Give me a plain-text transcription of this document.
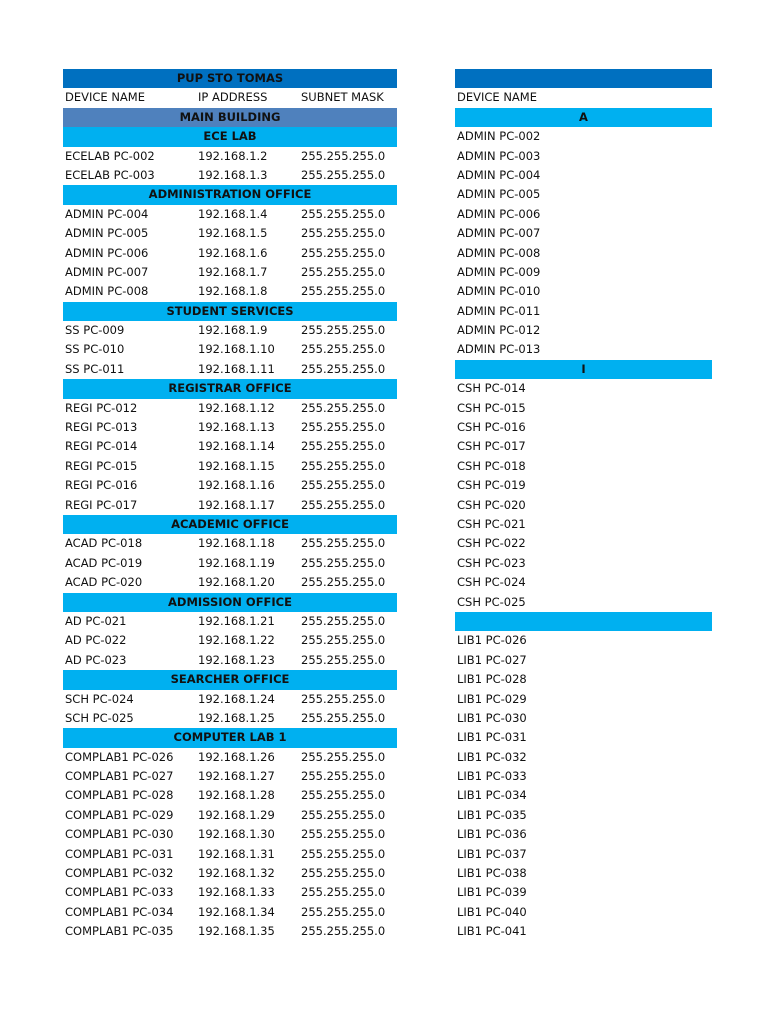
PUP STO TOMAS
DEVICE NAME	IP ADDRESS	SUBNET MASK
MAIN BUILDING
ECE LAB
ECELAB PC-002	192.168.1.2	255.255.255.0
ECELAB PC-003	192.168.1.3	255.255.255.0
ADMINISTRATION OFFICE
ADMIN PC-004	192.168.1.4	255.255.255.0
ADMIN PC-005	192.168.1.5	255.255.255.0
ADMIN PC-006	192.168.1.6	255.255.255.0
ADMIN PC-007	192.168.1.7	255.255.255.0
ADMIN PC-008	192.168.1.8	255.255.255.0
STUDENT SERVICES
SS PC-009	192.168.1.9	255.255.255.0
SS PC-010	192.168.1.10 255.255.255.0
SS PC-011	192.168.1.11 255.255.255.0
REGISTRAR OFFICE
REGI PC-012	192.168.1.12 255.255.255.0
REGI PC-013	192.168.1.13 255.255.255.0
REGI PC-014	192.168.1.14 255.255.255.0
REGI PC-015	192.168.1.15 255.255.255.0
REGI PC-016	192.168.1.16 255.255.255.0
REGI PC-017	192.168.1.17 255.255.255.0
ACADEMIC OFFICE
ACAD PC-018	192.168.1.18 255.255.255.0
ACAD PC-019	192.168.1.19 255.255.255.0
ACAD PC-020	192.168.1.20 255.255.255.0
ADMISSION OFFICE
AD PC-021	192.168.1.21 255.255.255.0
AD PC-022	192.168.1.22 255.255.255.0
AD PC-023	192.168.1.23 255.255.255.0
SEARCHER OFFICE
SCH PC-024	192.168.1.24 255.255.255.0
SCH PC-025	192.168.1.25 255.255.255.0
COMPUTER LAB 1
COMPLAB1 PC-026 192.168.1.26 255.255.255.0
COMPLAB1 PC-027 192.168.1.27 255.255.255.0
COMPLAB1 PC-028 192.168.1.28 255.255.255.0
COMPLAB1 PC-029 192.168.1.29 255.255.255.0
COMPLAB1 PC-030 192.168.1.30 255.255.255.0
COMPLAB1 PC-031 192.168.1.31 255.255.255.0
COMPLAB1 PC-032 192.168.1.32 255.255.255.0
COMPLAB1 PC-033 192.168.1.33 255.255.255.0
COMPLAB1 PC-034 192.168.1.34 255.255.255.0
COMPLAB1 PC-035 192.168.1.35 255.255.255.0
DEVICE NAME
A
ADMIN PC-002
ADMIN PC-003
ADMIN PC-004
ADMIN PC-005
ADMIN PC-006
ADMIN PC-007
ADMIN PC-008
ADMIN PC-009
ADMIN PC-010
ADMIN PC-011
ADMIN PC-012
ADMIN PC-013
I
CSH PC-014
CSH PC-015
CSH PC-016
CSH PC-017
CSH PC-018
CSH PC-019
CSH PC-020
CSH PC-021
CSH PC-022
CSH PC-023
CSH PC-024
CSH PC-025
LIB1 PC-026
LIB1 PC-027
LIB1 PC-028
LIB1 PC-029
LIB1 PC-030
LIB1 PC-031
LIB1 PC-032
LIB1 PC-033
LIB1 PC-034
LIB1 PC-035
LIB1 PC-036
LIB1 PC-037
LIB1 PC-038
LIB1 PC-039
LIB1 PC-040
LIB1 PC-041
